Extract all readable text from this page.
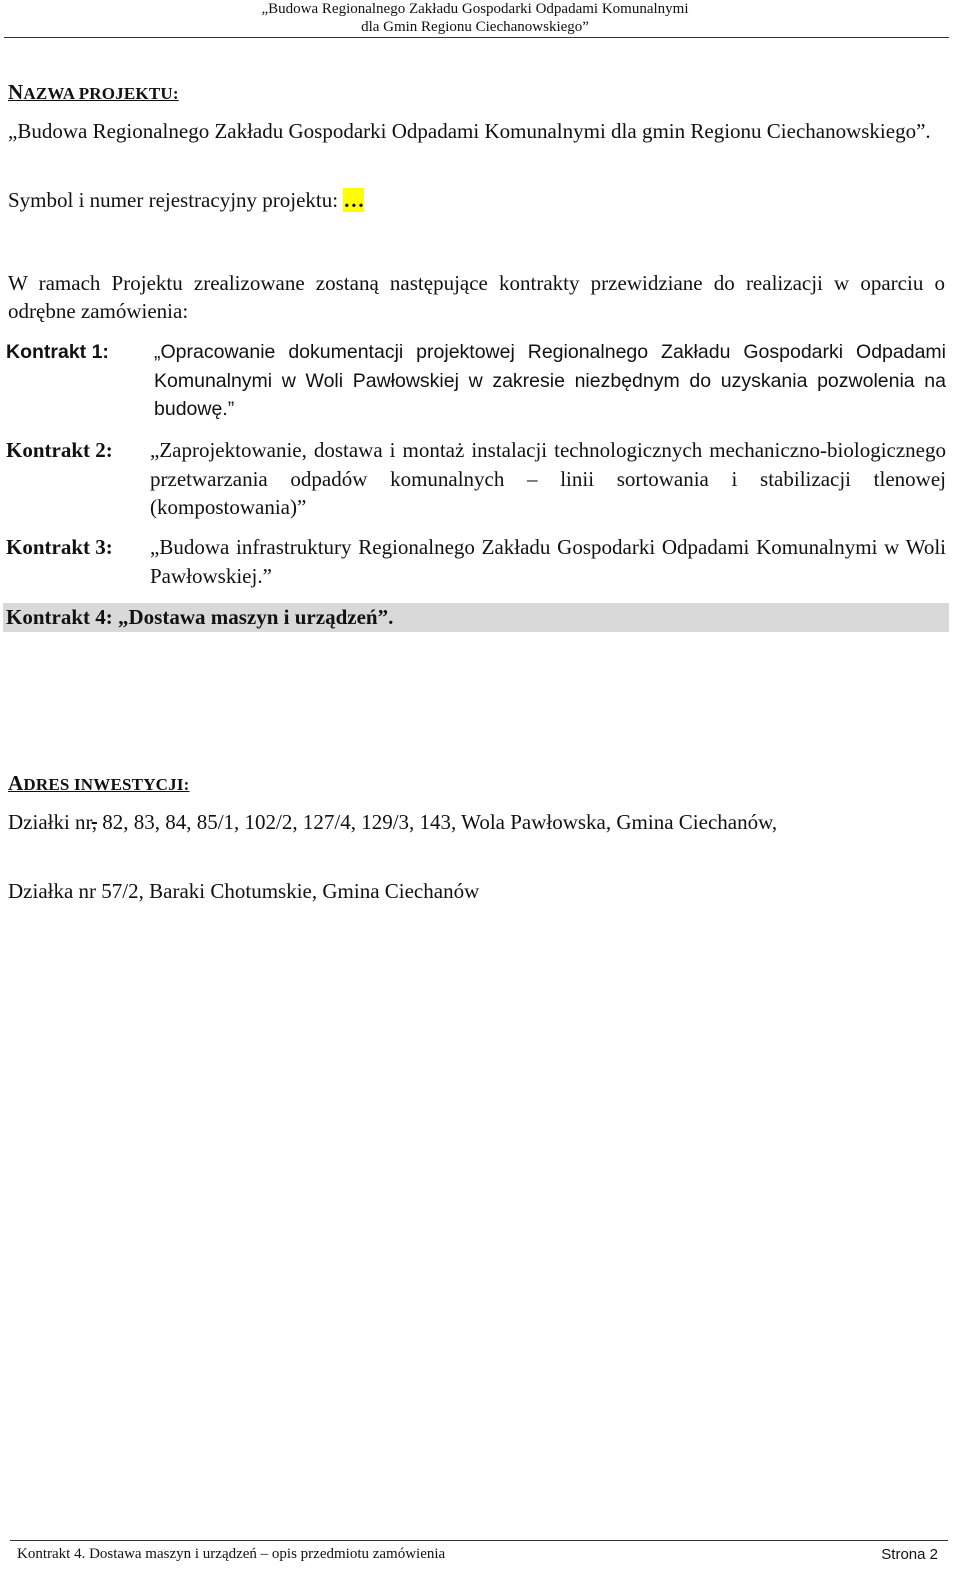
„Budowa Regionalnego Zakładu Gospodarki Odpadami Komunalnymi
dla Gmin Regionu Ciechanowskiego”
NAZWA PROJEKTU:
„Budowa Regionalnego Zakładu Gospodarki Odpadami Komunalnymi dla gmin Regionu Ciechanowskiego”.
Symbol i numer rejestracyjny projektu: …
W ramach Projektu zrealizowane zostaną następujące kontrakty przewidziane do realizacji w oparciu o odrębne zamówienia:
Kontrakt 1:	„Opracowanie dokumentacji projektowej Regionalnego Zakładu Gospodarki Odpadami Komunalnymi w Woli Pawłowskiej w zakresie niezbędnym do uzyskania pozwolenia na budowę.”
Kontrakt 2:	„Zaprojektowanie, dostawa i montaż instalacji technologicznych mechaniczno-biologicznego przetwarzania odpadów komunalnych – linii sortowania i stabilizacji tlenowej (kompostowania)”
Kontrakt 3:	„Budowa infrastruktury Regionalnego Zakładu Gospodarki Odpadami Komunalnymi w Woli Pawłowskiej.”
Kontrakt 4: „Dostawa maszyn i urządzeń”.
ADRES INWESTYCJI:
Działki nr, 82, 83, 84, 85/1, 102/2, 127/4, 129/3, 143, Wola Pawłowska, Gmina Ciechanów,
Działka nr 57/2, Baraki Chotumskie, Gmina Ciechanów
Kontrakt 4. Dostawa maszyn i urządzeń – opis przedmiotu zamówienia	Strona 2
